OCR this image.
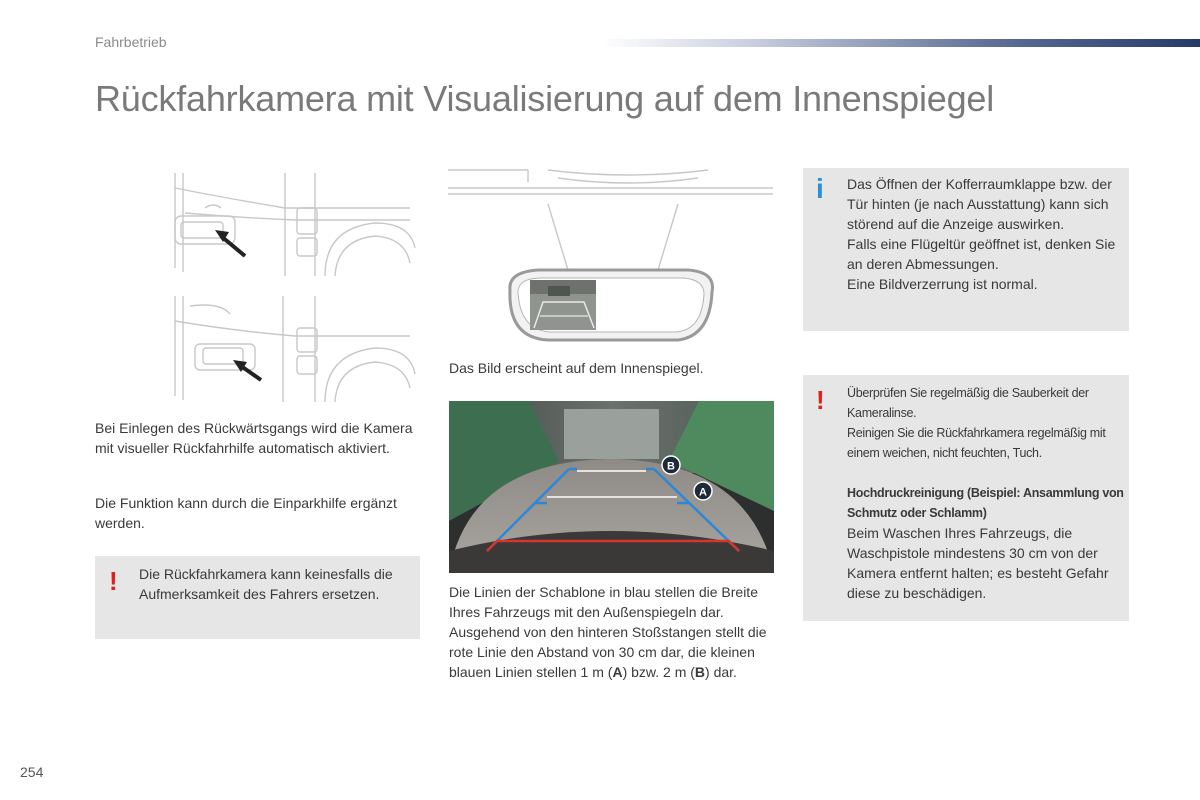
Fahrbetrieb
Rückfahrkamera mit Visualisierung auf dem Innenspiegel
Bei Einlegen des Rückwärtsgangs wird die Kamera mit visueller Rückfahrhilfe automatisch aktiviert.
Die Funktion kann durch die Einparkhilfe ergänzt werden.
! Die Rückfahrkamera kann keinesfalls die Aufmerksamkeit des Fahrers ersetzen.
Das Bild erscheint auf dem Innenspiegel.
B
A
Die Linien der Schablone in blau stellen die Breite Ihres Fahrzeugs mit den Außenspiegeln dar.
Ausgehend von den hinteren Stoßstangen stellt die rote Linie den Abstand von 30 cm dar, die kleinen blauen Linien stellen 1 m (A) bzw. 2 m (B) dar.
i Das Öffnen der Kofferraumklappe bzw. der Tür hinten (je nach Ausstattung) kann sich störend auf die Anzeige auswirken.
Falls eine Flügeltür geöffnet ist, denken Sie an deren Abmessungen.
Eine Bildverzerrung ist normal.
! Überprüfen Sie regelmäßig die Sauberkeit der Kameralinse.
Reinigen Sie die Rückfahrkamera regelmäßig mit einem weichen, nicht feuchten, Tuch.
Hochdruckreinigung (Beispiel: Ansammlung von Schmutz oder Schlamm)
Beim Waschen Ihres Fahrzeugs, die Waschpistole mindestens 30 cm von der Kamera entfernt halten; es besteht Gefahr diese zu beschädigen.
254
